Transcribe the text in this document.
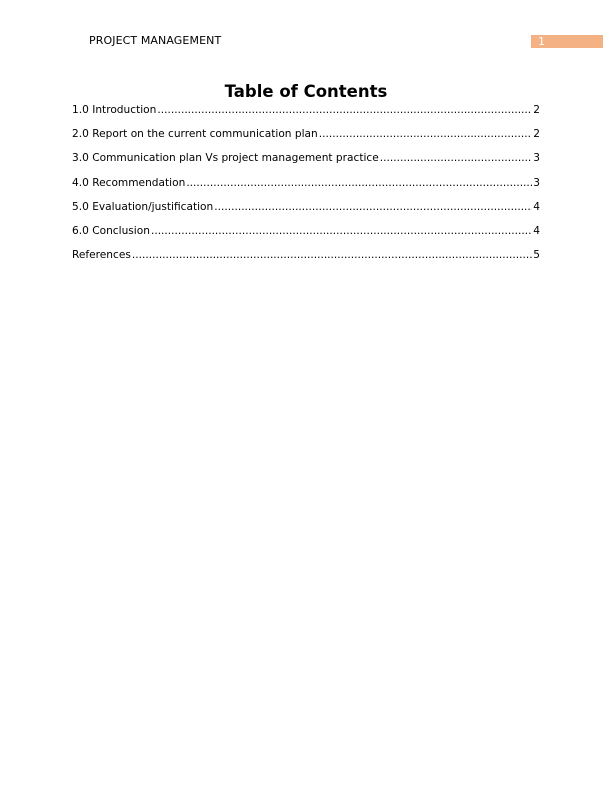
PROJECT MANAGEMENT	1
Table of Contents
1.0 Introduction .....	2
2.0 Report on the current communication plan .....	2
3.0 Communication plan Vs project management practice .....	3
4.0 Recommendation .....	3
5.0 Evaluation/justification .....	4
6.0 Conclusion .....	4
References .....	5
